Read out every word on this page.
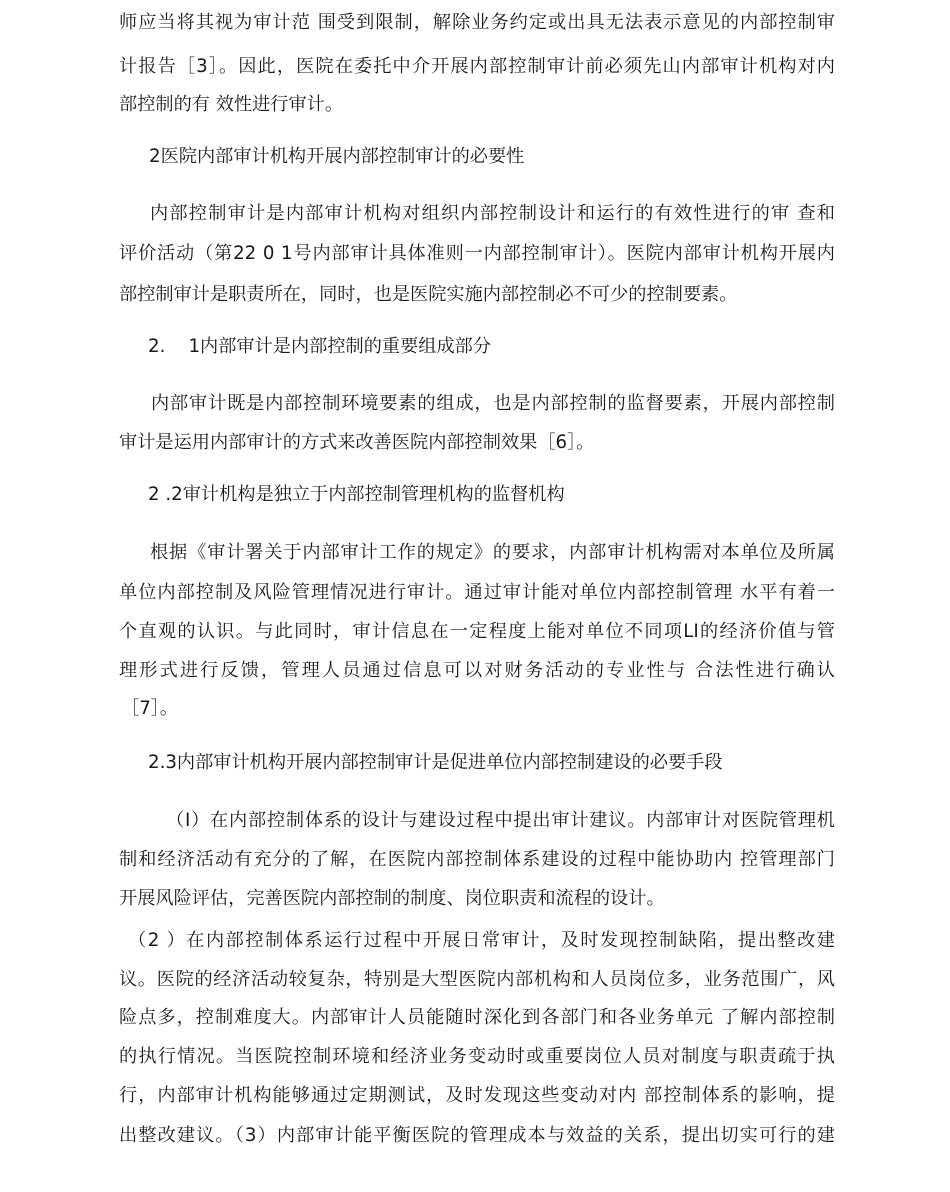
师应当将其视为审计范 围受到限制，解除业务约定或出具无法表示意见的内部控制审
计报告［3］。因此，医院在委托中介开展内部控制审计前必须先山内部审计机构对内
部控制的有 效性进行审计。
2医院内部审计机构开展内部控制审计的必要性
内部控制审计是内部审计机构对组织内部控制设计和运行的有效性进行的审 查和
评价活动（第22 0 1号内部审计具体准则一内部控制审计）。医院内部审计机构开展内
部控制审计是职责所在，同时，也是医院实施内部控制必不可少的控制要素。
2.    1内部审计是内部控制的重要组成部分
内部审计既是内部控制环境要素的组成，也是内部控制的监督要素，开展内部控制
审计是运用内部审计的方式来改善医院内部控制效果［6］。
2 .2审计机构是独立于内部控制管理机构的监督机构
根据《审计署关于内部审计工作的规定》的要求，内部审计机构需对本单位及所属
单位内部控制及风险管理情况进行审计。通过审计能对单位内部控制管理 水平有着一
个直观的认识。与此同时，审计信息在一定程度上能对单位不同项LI的经济价值与管
理形式进行反馈，管理人员通过信息可以对财务活动的专业性与 合法性进行确认
［7］。
2.3内部审计机构开展内部控制审计是促进单位内部控制建设的必要手段
（I）在内部控制体系的设计与建设过程中提出审计建议。内部审计对医院管理机
制和经济活动有充分的了解，在医院内部控制体系建设的过程中能协助内 控管理部门
开展风险评估，完善医院内部控制的制度、岗位职责和流程的设计。
（2 ）在内部控制体系运行过程中开展日常审计，及时发现控制缺陷，提出整改建
议。医院的经济活动较复杂，特别是大型医院内部机构和人员岗位多，业务范围广，风
险点多，控制难度大。内部审计人员能随时深化到各部门和各业务单元 了解内部控制
的执行情况。当医院控制环境和经济业务变动时或重要岗位人员对制度与职责疏于执
行，内部审计机构能够通过定期测试，及时发现这些变动对内 部控制体系的影响，提
出整改建议。（3）内部审计能平衡医院的管理成本与效益的关系，提出切实可行的建
